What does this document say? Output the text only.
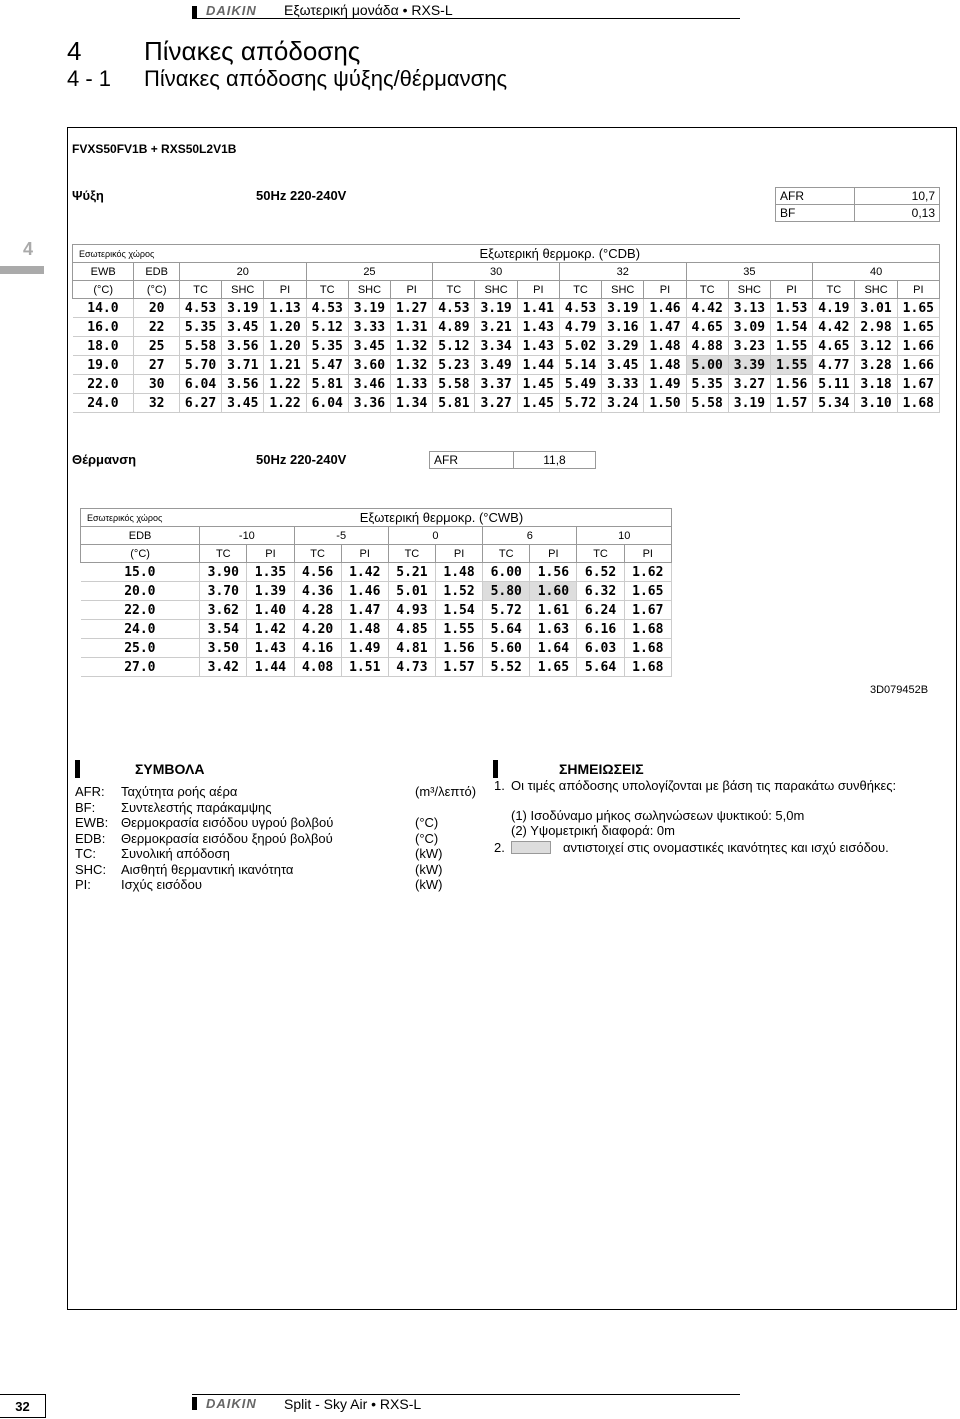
DAIKIN Εξωτερική μονάδα • RXS-L
4 Πίνακες απόδοσης
4 - 1 Πίνακες απόδοσης ψύξης/θέρμανσης
4
FVXS50FV1B + RXS50L2V1B
Ψύξη	50Hz 220-240V	AFR	10,7
BF	0,13
Εσωτερικός χώρος		Εξωτερική θερμοκρ. (°CDB)																	
EWB	EDB	20			25			30			32			35			40		
(°C)	(°C)	TC	SHC	PI	TC	SHC	PI	TC	SHC	PI	TC	SHC	PI	TC	SHC	PI	TC	SHC	PI
14.0	20	4.53	3.19	1.13	4.53	3.19	1.27	4.53	3.19	1.41	4.53	3.19	1.46	4.42	3.13	1.53	4.19	3.01	1.65
16.0	22	5.35	3.45	1.20	5.12	3.33	1.31	4.89	3.21	1.43	4.79	3.16	1.47	4.65	3.09	1.54	4.42	2.98	1.65
18.0	25	5.58	3.56	1.20	5.35	3.45	1.32	5.12	3.34	1.43	5.02	3.29	1.48	4.88	3.23	1.55	4.65	3.12	1.66
19.0	27	5.70	3.71	1.21	5.47	3.60	1.32	5.23	3.49	1.44	5.14	3.45	1.48	5.00	3.39	1.55	4.77	3.28	1.66
22.0	30	6.04	3.56	1.22	5.81	3.46	1.33	5.58	3.37	1.45	5.49	3.33	1.49	5.35	3.27	1.56	5.11	3.18	1.67
24.0	32	6.27	3.45	1.22	6.04	3.36	1.34	5.81	3.27	1.45	5.72	3.24	1.50	5.58	3.19	1.57	5.34	3.10	1.68
Θέρμανση	50Hz 220-240V	AFR	11,8
Εσωτερικός χώρος	Εξωτερική θερμοκρ. (°CWB)									
EDB	-10		-5		0		6		10	
(°C)	TC	PI	TC	PI	TC	PI	TC	PI	TC	PI
15.0	3.90	1.35	4.56	1.42	5.21	1.48	6.00	1.56	6.52	1.62
20.0	3.70	1.39	4.36	1.46	5.01	1.52	5.80	1.60	6.32	1.65
22.0	3.62	1.40	4.28	1.47	4.93	1.54	5.72	1.61	6.24	1.67
24.0	3.54	1.42	4.20	1.48	4.85	1.55	5.64	1.63	6.16	1.68
25.0	3.50	1.43	4.16	1.49	4.81	1.56	5.60	1.64	6.03	1.68
27.0	3.42	1.44	4.08	1.51	4.73	1.57	5.52	1.65	5.64	1.68
3D079452B
ΣΥΜΒΟΛΑ
AFR: Ταχύτητα ροής αέρα	(m³/λεπτό)
BF: Συντελεστής παράκαμψης
EWB: Θερμοκρασία εισόδου υγρού βολβού	(°C)
EDB: Θερμοκρασία εισόδου ξηρού βολβού	(°C)
TC: Συνολική απόδοση	(kW)
SHC: Αισθητή θερμαντική ικανότητα	(kW)
PI: Ισχύς εισόδου	(kW)
ΣΗΜΕΙΩΣΕΙΣ
1. Οι τιμές απόδοσης υπολογίζονται με βάση τις παρακάτω συνθήκες:
(1) Ισοδύναμο μήκος σωληνώσεων ψυκτικού: 5,0m
(2) Υψομετρική διαφορά: 0m
2.	αντιστοιχεί στις ονομαστικές ικανότητες και ισχύ εισόδου.
32	DAIKIN Split - Sky Air • RXS-L
